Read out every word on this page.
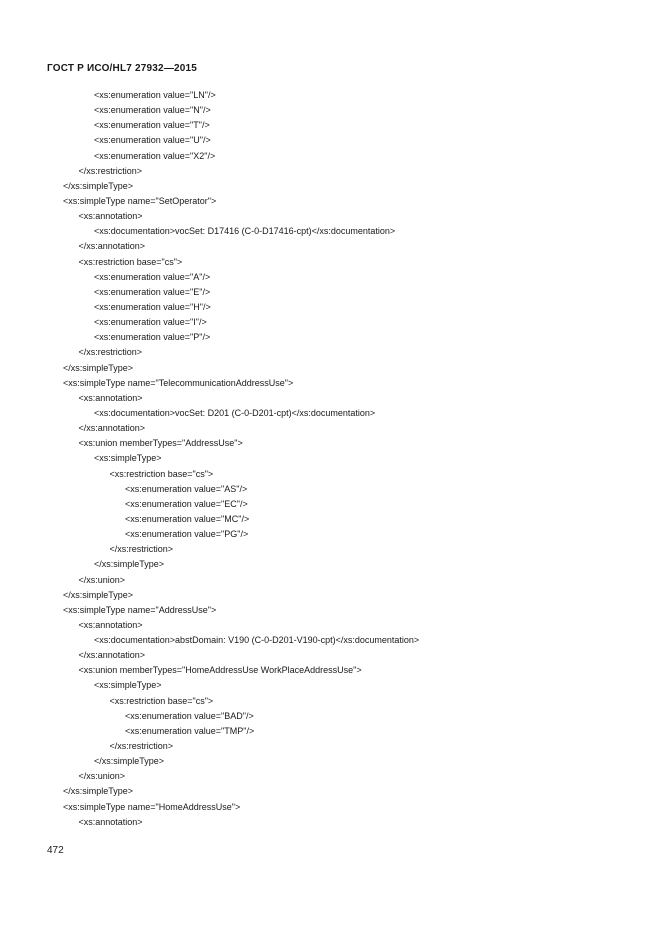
ГОСТ Р ИСО/HL7 27932—2015
<xs:enumeration value="LN"/>
<xs:enumeration value="N"/>
<xs:enumeration value="T"/>
<xs:enumeration value="U"/>
<xs:enumeration value="X2"/>
</xs:restriction>
</xs:simpleType>
<xs:simpleType name="SetOperator">
<xs:annotation>
<xs:documentation>vocSet: D17416 (C-0-D17416-cpt)</xs:documentation>
</xs:annotation>
<xs:restriction base="cs">
<xs:enumeration value="A"/>
<xs:enumeration value="E"/>
<xs:enumeration value="H"/>
<xs:enumeration value="I"/>
<xs:enumeration value="P"/>
</xs:restriction>
</xs:simpleType>
<xs:simpleType name="TelecommunicationAddressUse">
<xs:annotation>
<xs:documentation>vocSet: D201 (C-0-D201-cpt)</xs:documentation>
</xs:annotation>
<xs:union memberTypes="AddressUse">
<xs:simpleType>
<xs:restriction base="cs">
<xs:enumeration value="AS"/>
<xs:enumeration value="EC"/>
<xs:enumeration value="MC"/>
<xs:enumeration value="PG"/>
</xs:restriction>
</xs:simpleType>
</xs:union>
</xs:simpleType>
<xs:simpleType name="AddressUse">
<xs:annotation>
<xs:documentation>abstDomain: V190 (C-0-D201-V190-cpt)</xs:documentation>
</xs:annotation>
<xs:union memberTypes="HomeAddressUse WorkPlaceAddressUse">
<xs:simpleType>
<xs:restriction base="cs">
<xs:enumeration value="BAD"/>
<xs:enumeration value="TMP"/>
</xs:restriction>
</xs:simpleType>
</xs:union>
</xs:simpleType>
<xs:simpleType name="HomeAddressUse">
<xs:annotation>

472
